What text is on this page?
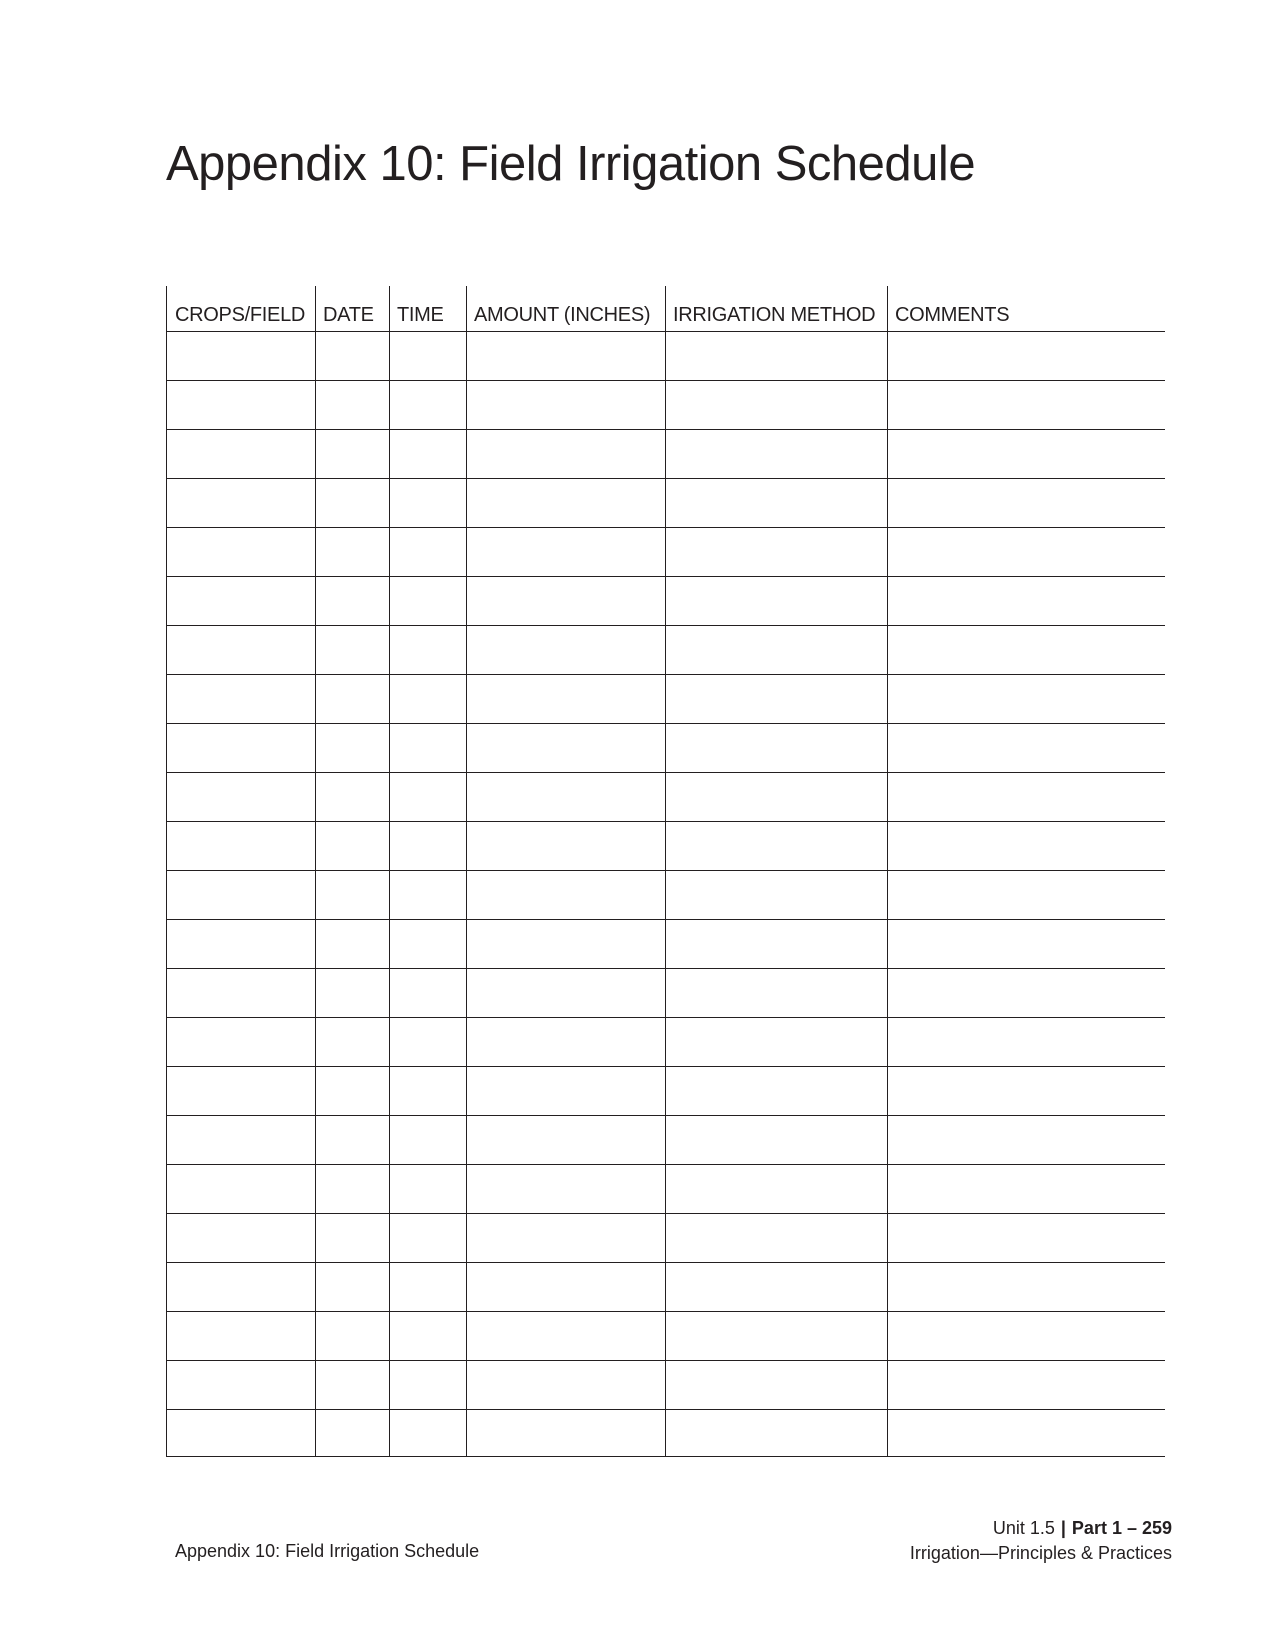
Appendix 10: Field Irrigation Schedule
CROPS/FIELD	DATE	TIME	AMOUNT (INCHES)	IRRIGATION METHOD	COMMENTS

Appendix 10: Field Irrigation Schedule
Unit 1.5 | Part 1 – 259
Irrigation—Principles & Practices
